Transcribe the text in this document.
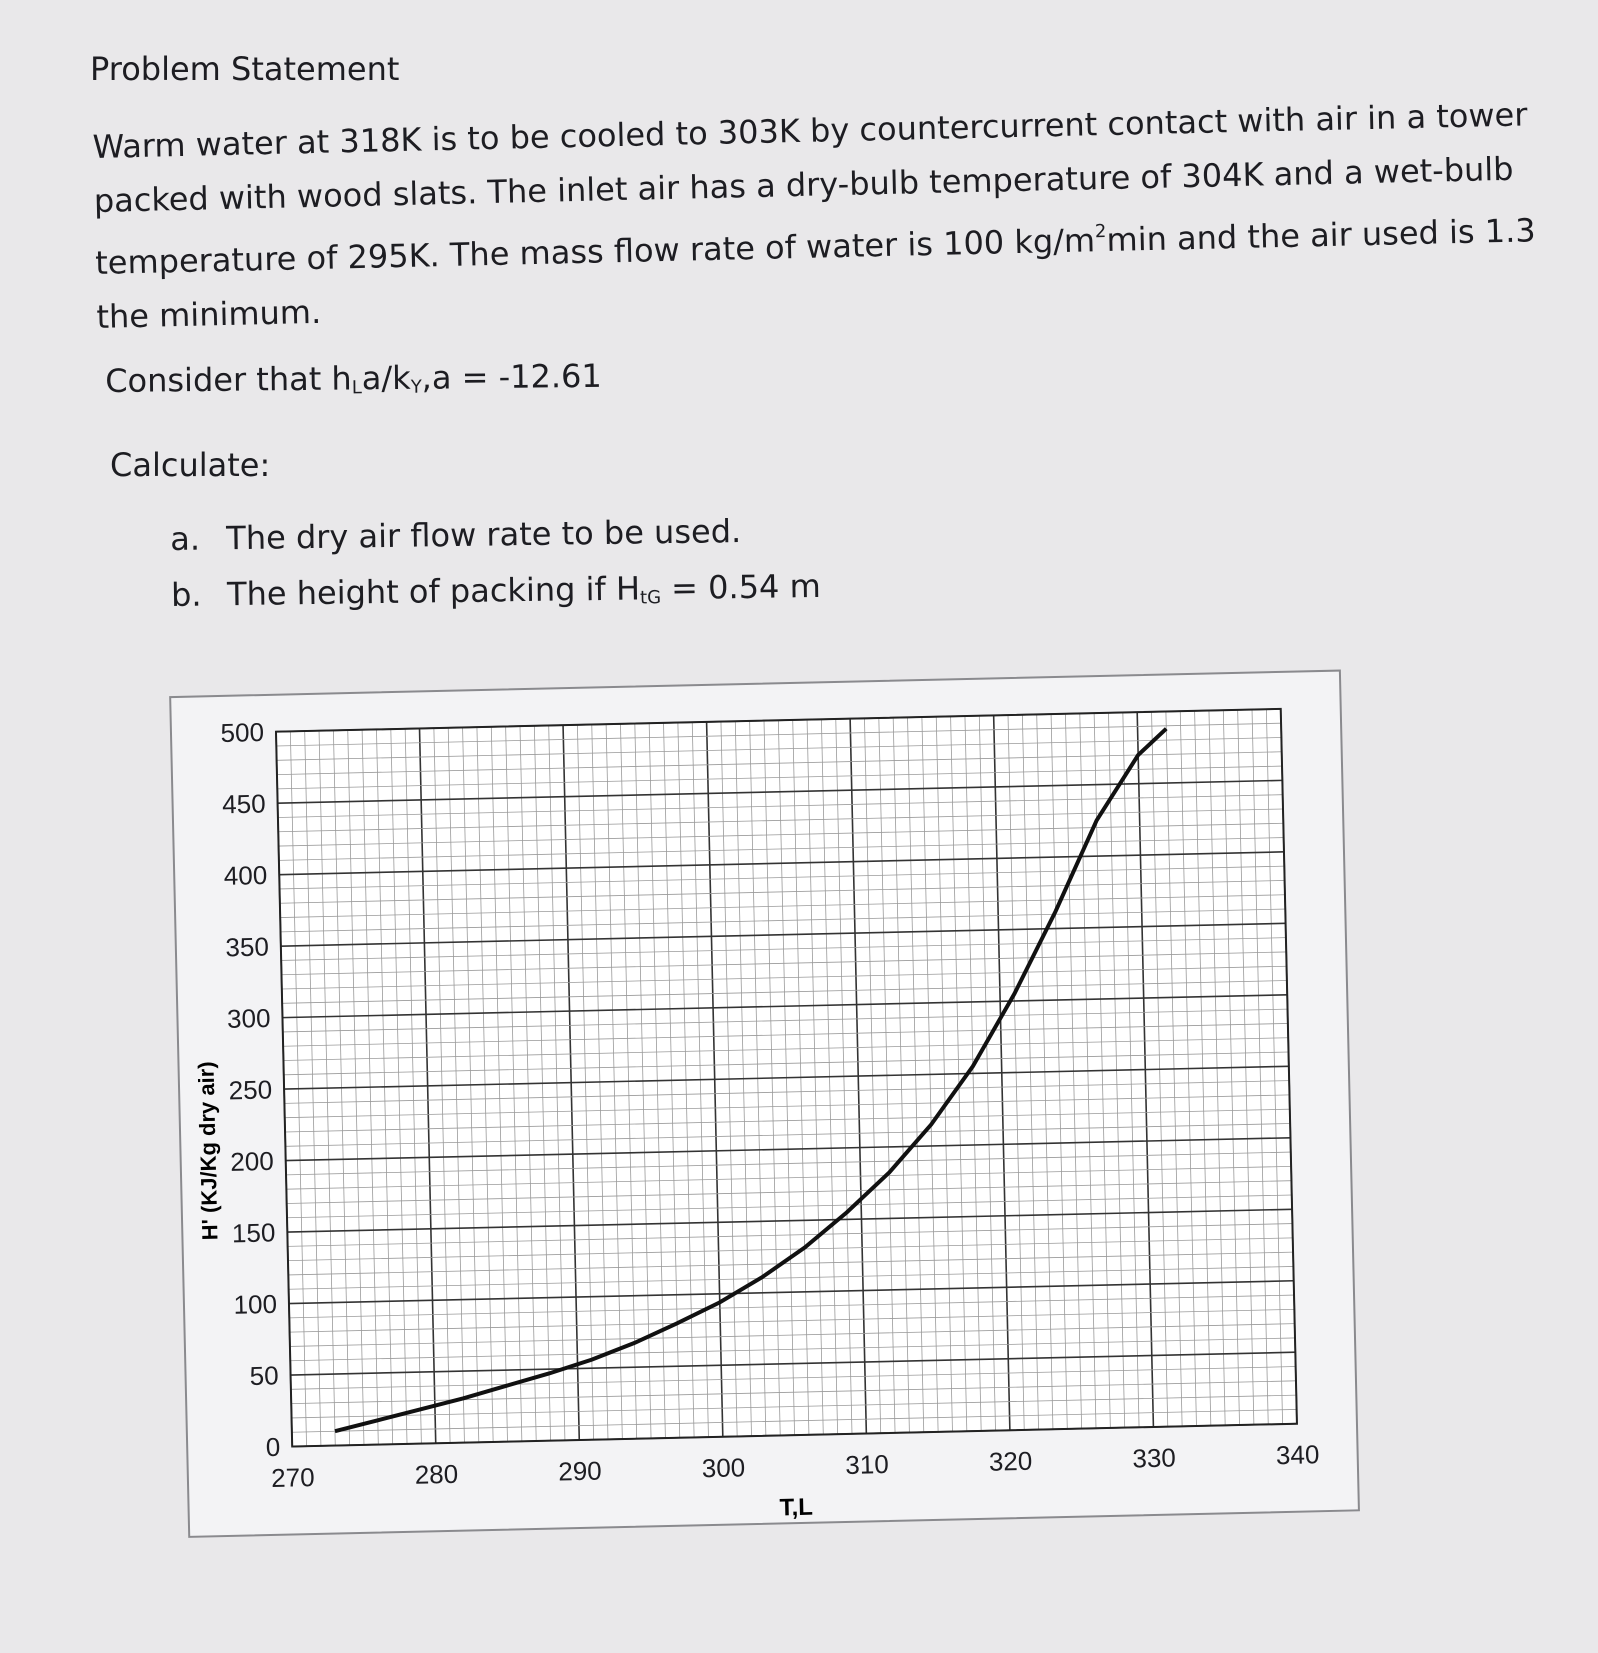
Problem Statement
Warm water at 318K is to be cooled to 303K by countercurrent contact with air in a tower
packed with wood slats. The inlet air has a dry-bulb temperature of 304K and a wet-bulb
temperature of 295K. The mass flow rate of water is 100 $kg/m^2\min$ and the air used is 1.3
the minimum.
Consider that $h_La/k_Y,a = -12.61$
Calculate:
a. The dry air flow rate to be used.
b. The height of packing if $H_{tG} = 0.54$ m
270	280	290	300	310	320	330	340
0
50
100
150
200
250
300
350
400
450
500
T,L
H' (KJ/Kg dry air)
